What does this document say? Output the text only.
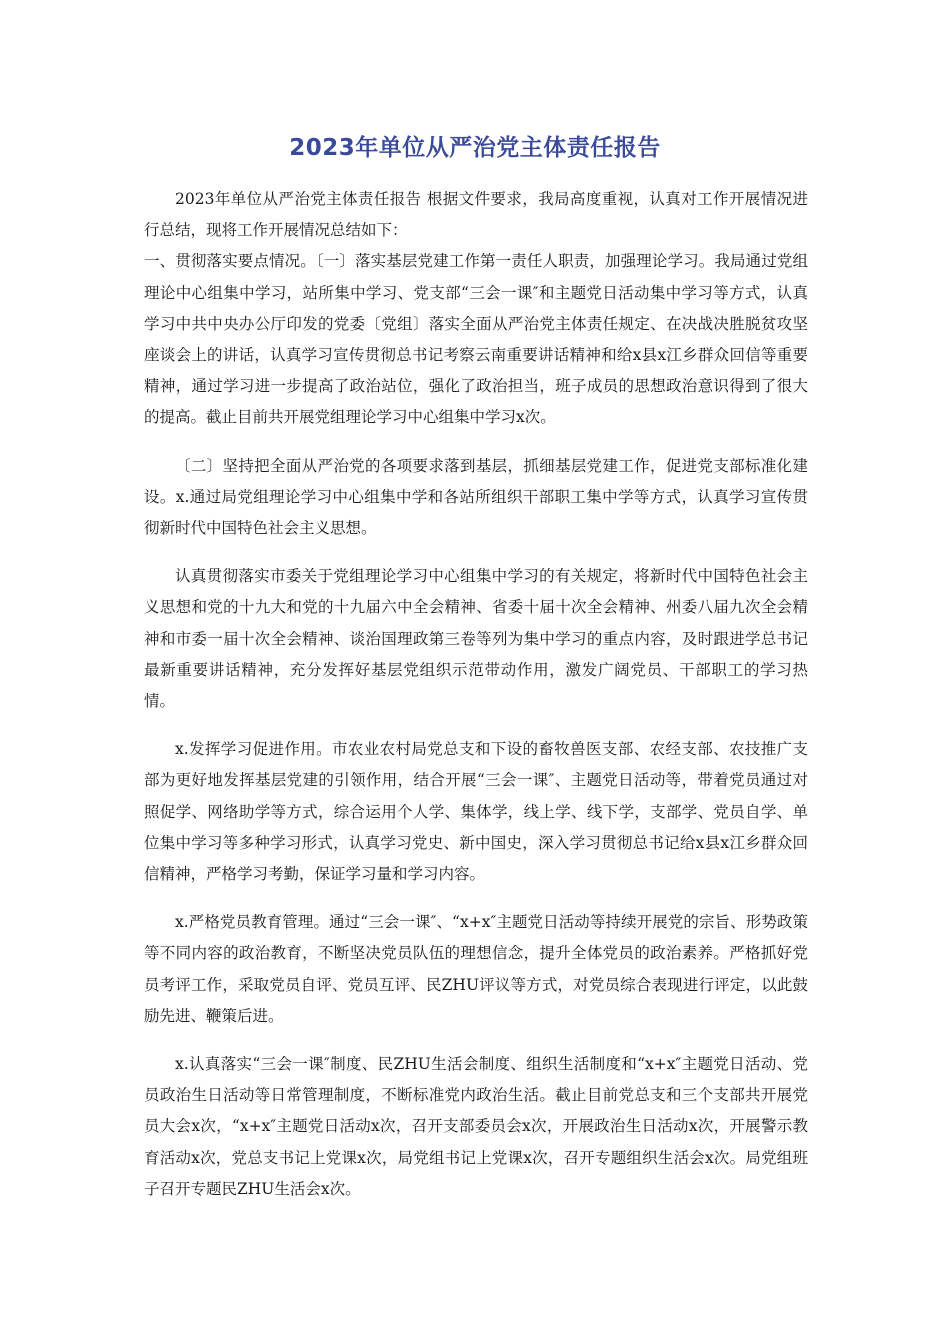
2023年单位从严治党主体责任报告

2023年单位从严治党主体责任报告 根据文件要求，我局高度重视，认真对工作开展情况进行总结，现将工作开展情况总结如下：

一、贯彻落实要点情况。〔一〕落实基层党建工作第一责任人职责，加强理论学习。我局通过党组理论中心组集中学习，站所集中学习、党支部“三会一课″和主题党日活动集中学习等方式，认真学习中共中央办公厅印发的党委〔党组〕落实全面从严治党主体责任规定、在决战决胜脱贫攻坚座谈会上的讲话，认真学习宣传贯彻总书记考察云南重要讲话精神和给x县x江乡群众回信等重要精神，通过学习进一步提高了政治站位，强化了政治担当，班子成员的思想政治意识得到了很大的提高。截止目前共开展党组理论学习中心组集中学习x次。

〔二〕坚持把全面从严治党的各项要求落到基层，抓细基层党建工作，促进党支部标准化建设。x.通过局党组理论学习中心组集中学和各站所组织干部职工集中学等方式，认真学习宣传贯彻新时代中国特色社会主义思想。

认真贯彻落实市委关于党组理论学习中心组集中学习的有关规定，将新时代中国特色社会主义思想和党的十九大和党的十九届六中全会精神、省委十届十次全会精神、州委八届九次全会精神和市委一届十次全会精神、谈治国理政第三卷等列为集中学习的重点内容，及时跟进学总书记最新重要讲话精神，充分发挥好基层党组织示范带动作用，激发广阔党员、干部职工的学习热情。

x.发挥学习促进作用。市农业农村局党总支和下设的畜牧兽医支部、农经支部、农技推广支部为更好地发挥基层党建的引领作用，结合开展“三会一课″、主题党日活动等，带着党员通过对照促学、网络助学等方式，综合运用个人学、集体学，线上学、线下学，支部学、党员自学、单位集中学习等多种学习形式，认真学习党史、新中国史，深入学习贯彻总书记给x县x江乡群众回信精神，严格学习考勤，保证学习量和学习内容。

x.严格党员教育管理。通过“三会一课″、“x+x″主题党日活动等持续开展党的宗旨、形势政策等不同内容的政治教育，不断坚决党员队伍的理想信念，提升全体党员的政治素养。严格抓好党员考评工作，采取党员自评、党员互评、民ZHU评议等方式，对党员综合表现进行评定，以此鼓励先进、鞭策后进。

x.认真落实“三会一课″制度、民ZHU生活会制度、组织生活制度和“x+x″主题党日活动、党员政治生日活动等日常管理制度，不断标准党内政治生活。截止目前党总支和三个支部共开展党员大会x次，“x+x″主题党日活动x次，召开支部委员会x次，开展政治生日活动x次，开展警示教育活动x次，党总支书记上党课x次，局党组书记上党课x次，召开专题组织生活会x次。局党组班子召开专题民ZHU生活会x次。
